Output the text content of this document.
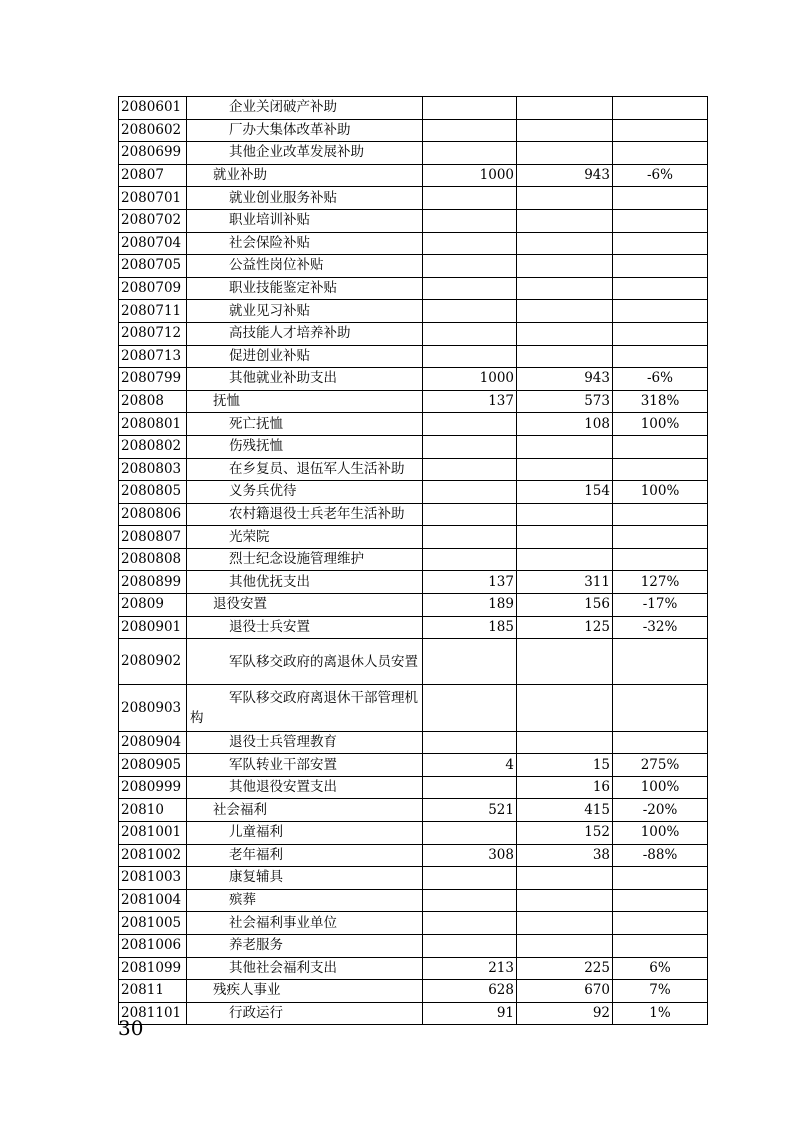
2080601	企业关闭破产补助			
2080602	厂办大集体改革补助			
2080699	其他企业改革发展补助			
20807	就业补助	1000	943	-6%
2080701	就业创业服务补贴			
2080702	职业培训补贴			
2080704	社会保险补贴			
2080705	公益性岗位补贴			
2080709	职业技能鉴定补贴			
2080711	就业见习补贴			
2080712	高技能人才培养补助			
2080713	促进创业补贴			
2080799	其他就业补助支出	1000	943	-6%
20808	抚恤	137	573	318%
2080801	死亡抚恤		108	100%
2080802	伤残抚恤			
2080803	在乡复员、退伍军人生活补助			
2080805	义务兵优待		154	100%
2080806	农村籍退役士兵老年生活补助			
2080807	光荣院			
2080808	烈士纪念设施管理维护			
2080899	其他优抚支出	137	311	127%
20809	退役安置	189	156	-17%
2080901	退役士兵安置	185	125	-32%
2080902	军队移交政府的离退休人员安置			

2080903	军队移交政府离退休干部管理机构			

2080904	退役士兵管理教育			
2080905	军队转业干部安置	4	15	275%
2080999	其他退役安置支出		16	100%
20810	社会福利	521	415	-20%
2081001	儿童福利		152	100%
2081002	老年福利	308	38	-88%
2081003	康复辅具			
2081004	殡葬			
2081005	社会福利事业单位			
2081006	养老服务			
2081099	其他社会福利支出	213	225	6%
20811	残疾人事业	628	670	7%
2081101	行政运行	91	92	1%
30
